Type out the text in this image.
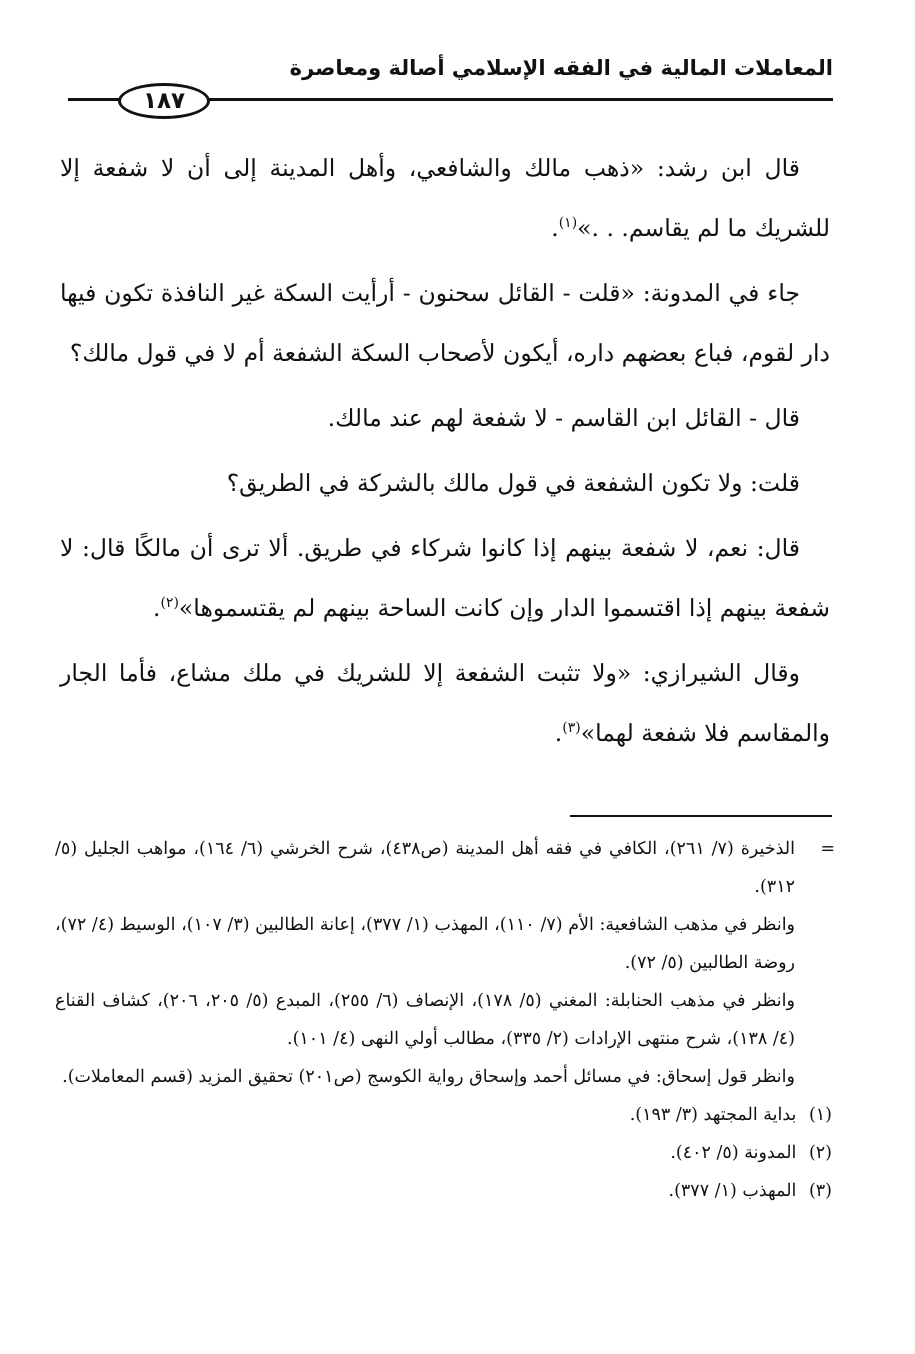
المعاملات المالية في الفقه الإسلامي أصالة ومعاصرة
١٨٧

قال ابن رشد: «ذهب مالك والشافعي، وأهل المدينة إلى أن لا شفعة إلا للشريك ما لم يقاسم. . .»$^{(١)}$.

جاء في المدونة: «قلت - القائل سحنون - أرأيت السكة غير النافذة تكون فيها دار لقوم، فباع بعضهم داره، أيكون لأصحاب السكة الشفعة أم لا في قول مالك؟

قال - القائل ابن القاسم - لا شفعة لهم عند مالك.

قلت: ولا تكون الشفعة في قول مالك بالشركة في الطريق؟

قال: نعم، لا شفعة بينهم إذا كانوا شركاء في طريق. ألا ترى أن مالكًا قال: لا شفعة بينهم إذا اقتسموا الدار وإن كانت الساحة بينهم لم يقتسموها»$^{(٢)}$.

وقال الشيرازي: «ولا تثبت الشفعة إلا للشريك في ملك مشاع، فأما الجار والمقاسم فلا شفعة لهما»$^{(٣)}$.

=
الذخيرة (٧/ ٢٦١)، الكافي في فقه أهل المدينة (ص٤٣٨)، شرح الخرشي (٦/ ١٦٤)، مواهب الجليل (٥/ ٣١٢).

وانظر في مذهب الشافعية: الأم (٧/ ١١٠)، المهذب (١/ ٣٧٧)، إعانة الطالبين (٣/ ١٠٧)، الوسيط (٤/ ٧٢)، روضة الطالبين (٥/ ٧٢).

وانظر في مذهب الحنابلة: المغني (٥/ ١٧٨)، الإنصاف (٦/ ٢٥٥)، المبدع (٥/ ٢٠٥، ٢٠٦)، كشاف القناع (٤/ ١٣٨)، شرح منتهى الإرادات (٢/ ٣٣٥)، مطالب أولي النهى (٤/ ١٠١).

وانظر قول إسحاق: في مسائل أحمد وإسحاق رواية الكوسج (ص٢٠١) تحقيق المزيد (قسم المعاملات).

(١) بداية المجتهد (٣/ ١٩٣).

(٢) المدونة (٥/ ٤٠٢).

(٣) المهذب (١/ ٣٧٧).
